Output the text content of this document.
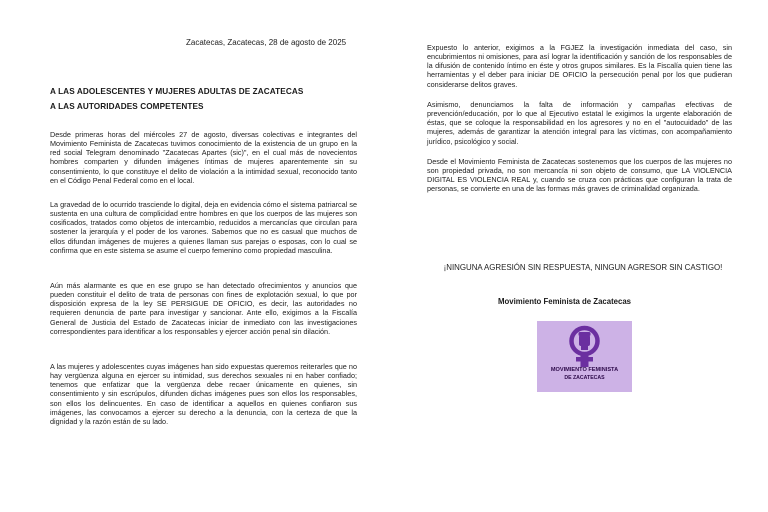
Zacatecas, Zacatecas, 28 de agosto de 2025
A LAS ADOLESCENTES Y MUJERES ADULTAS DE ZACATECAS
A LAS AUTORIDADES COMPETENTES
Desde primeras horas del miércoles 27 de agosto, diversas colectivas e integrantes del Movimiento Feminista de Zacatecas tuvimos conocimiento de la existencia de un grupo en la red social Telegram denominado "Zacatecas Apartes (sic)", en el cual más de novecientos hombres comparten y difunden imágenes íntimas de mujeres aparentemente sin su consentimiento, lo que constituye el delito de violación a la intimidad sexual, reconocido tanto en el Código Penal Federal como en el local.
La gravedad de lo ocurrido trasciende lo digital, deja en evidencia cómo el sistema patriarcal se sustenta en una cultura de complicidad entre hombres en que los cuerpos de las mujeres son cosificados, tratados como objetos de intercambio, reducidos a mercancías que circulan para sostener la jerarquía y el poder de los varones. Sabemos que no es casual que muchos de ellos difundan imágenes de mujeres a quienes llaman sus parejas o esposas, con lo cual se confirma que en este sistema se asume el cuerpo femenino como propiedad masculina.
Aún más alarmante es que en ese grupo se han detectado ofrecimientos y anuncios que pueden constituir el delito de trata de personas con fines de explotación sexual, lo que por disposición expresa de la ley SE PERSIGUE DE OFICIO, es decir, las autoridades no requieren denuncia de parte para investigar y sancionar. Ante ello, exigimos a la Fiscalía General de Justicia del Estado de Zacatecas iniciar de inmediato con las investigaciones correspondientes para identificar a los responsables y ejercer acción penal sin dilación.
A las mujeres y adolescentes cuyas imágenes han sido expuestas queremos reiterarles que no hay vergüenza alguna en ejercer su intimidad, sus derechos sexuales ni en haber confiado; tenemos que enfatizar que la vergüenza debe recaer únicamente en quienes, sin consentimiento y sin escrúpulos, difunden dichas imágenes pues son ellos los responsables, son ellos los delincuentes. En caso de identificar a aquellos en quienes confiaron sus imágenes, las convocamos a ejercer su derecho a la denuncia, con la certeza de que la dignidad y la razón están de su lado.
Expuesto lo anterior, exigimos a la FGJEZ la investigación inmediata del caso, sin encubrimientos ni omisiones, para así lograr la identificación y sanción de los responsables de la difusión de contenido íntimo en éste y otros grupos similares. Es la Fiscalía quien tiene las herramientas y el deber para iniciar DE OFICIO la persecución penal por los que pudieran considerarse delitos graves.
Asimismo, denunciamos la falta de información y campañas efectivas de prevención/educación, por lo que al Ejecutivo estatal le exigimos la urgente elaboración de éstas, que se coloque la responsabilidad en los agresores y no en el "autocuidado" de las mujeres, además de garantizar la atención integral para las víctimas, con acompañamiento jurídico, psicológico y social.
Desde el Movimiento Feminista de Zacatecas sostenemos que los cuerpos de las mujeres no son propiedad privada, no son mercancía ni son objeto de consumo, que LA VIOLENCIA DIGITAL ES VIOLENCIA REAL y, cuando se cruza con prácticas que configuran la trata de personas, se convierte en una de las formas más graves de criminalidad organizada.
¡NINGUNA AGRESIÓN SIN RESPUESTA, NINGUN AGRESOR SIN CASTIGO!
Movimiento Feminista de Zacatecas
MOVIMIENTO FEMINISTA
DE ZACATECAS
